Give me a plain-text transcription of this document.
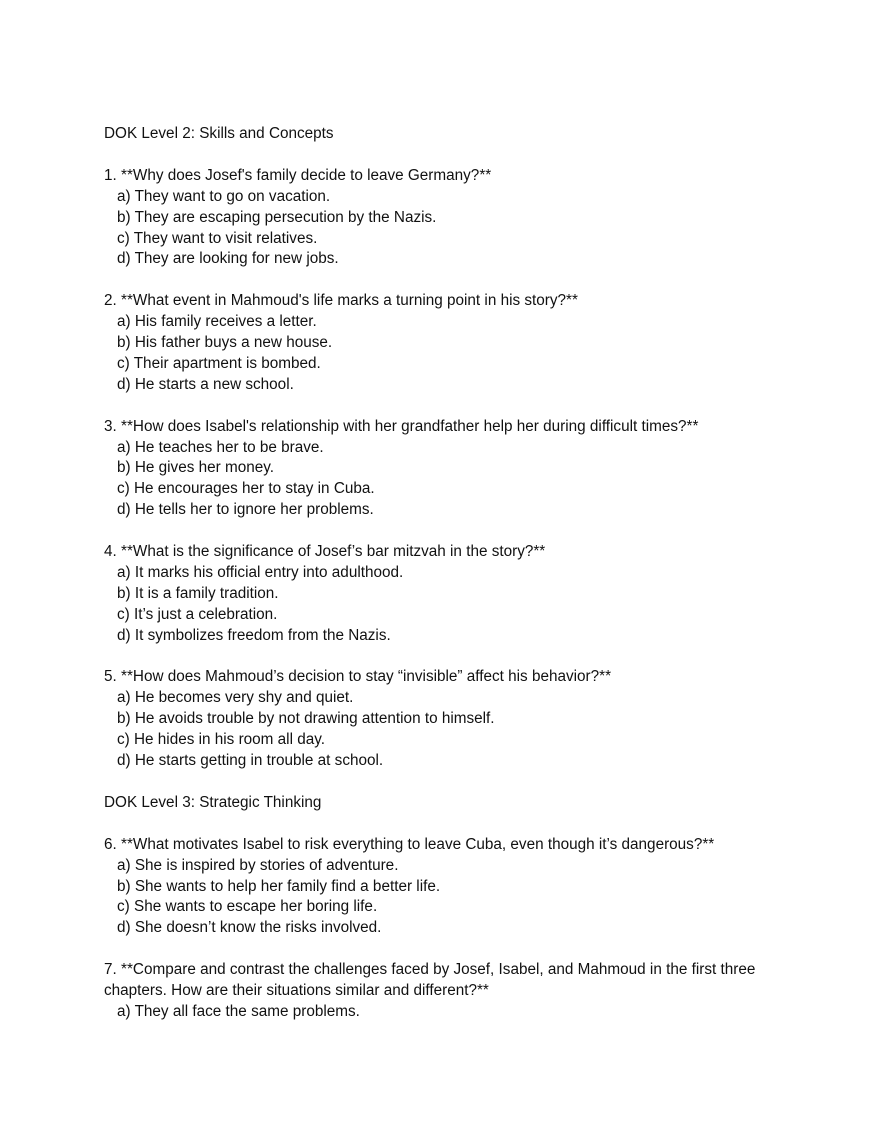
DOK Level 2: Skills and Concepts

1. **Why does Josef's family decide to leave Germany?**

a) They want to go on vacation.
b) They are escaping persecution by the Nazis.
c) They want to visit relatives.
d) They are looking for new jobs.

2. **What event in Mahmoud's life marks a turning point in his story?**

a) His family receives a letter.
b) His father buys a new house.
c) Their apartment is bombed.
d) He starts a new school.

3. **How does Isabel's relationship with her grandfather help her during difficult times?**

a) He teaches her to be brave.
b) He gives her money.
c) He encourages her to stay in Cuba.
d) He tells her to ignore her problems.

4. **What is the significance of Josef’s bar mitzvah in the story?**

a) It marks his official entry into adulthood.
b) It is a family tradition.
c) It’s just a celebration.
d) It symbolizes freedom from the Nazis.

5. **How does Mahmoud’s decision to stay “invisible” affect his behavior?**

a) He becomes very shy and quiet.
b) He avoids trouble by not drawing attention to himself.
c) He hides in his room all day.
d) He starts getting in trouble at school.

DOK Level 3: Strategic Thinking

6. **What motivates Isabel to risk everything to leave Cuba, even though it’s dangerous?**

a) She is inspired by stories of adventure.
b) She wants to help her family find a better life.
c) She wants to escape her boring life.
d) She doesn’t know the risks involved.

7. **Compare and contrast the challenges faced by Josef, Isabel, and Mahmoud in the first three chapters. How are their situations similar and different?**

a) They all face the same problems.
